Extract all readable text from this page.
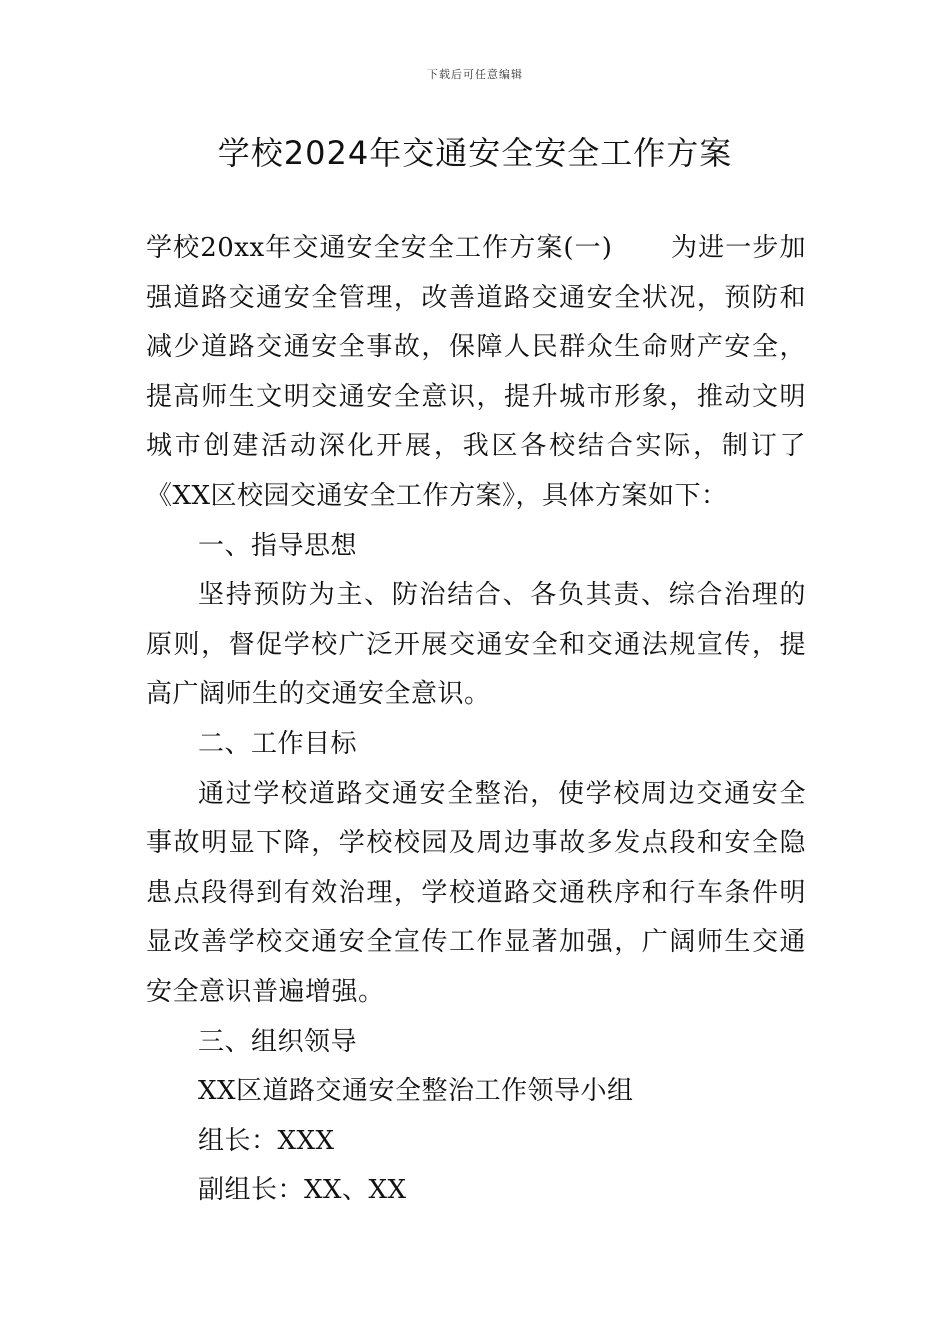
下载后可任意编辑
学校2024年交通安全安全工作方案

学校20xx年交通安全安全工作方案(一) 为进一步加强道路交通安全管理，改善道路交通安全状况，预防和减少道路交通安全事故，保障人民群众生命财产安全，提高师生文明交通安全意识，提升城市形象，推动文明城市创建活动深化开展，我区各校结合实际，制订了《XX区校园交通安全工作方案》，具体方案如下：

一、指导思想

坚持预防为主、防治结合、各负其责、综合治理的原则，督促学校广泛开展交通安全和交通法规宣传，提高广阔师生的交通安全意识。

二、工作目标

通过学校道路交通安全整治，使学校周边交通安全事故明显下降，学校校园及周边事故多发点段和安全隐患点段得到有效治理，学校道路交通秩序和行车条件明显改善学校交通安全宣传工作显著加强，广阔师生交通安全意识普遍增强。

三、组织领导

XX区道路交通安全整治工作领导小组

组长：XXX

副组长：XX、XX
